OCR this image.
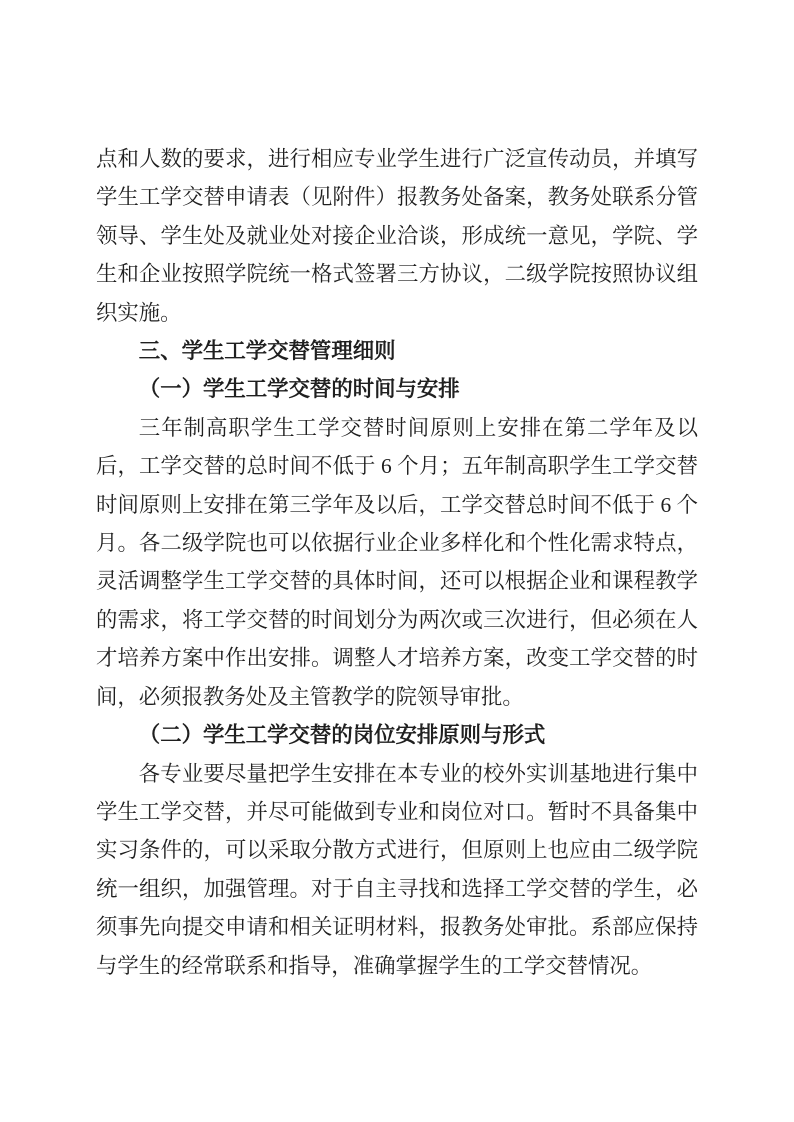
点和人数的要求，进行相应专业学生进行广泛宣传动员，并填写学生工学交替申请表（见附件）报教务处备案，教务处联系分管领导、学生处及就业处对接企业洽谈，形成统一意见，学院、学生和企业按照学院统一格式签署三方协议，二级学院按照协议组织实施。

三、学生工学交替管理细则

（一）学生工学交替的时间与安排

三年制高职学生工学交替时间原则上安排在第二学年及以后，工学交替的总时间不低于 6 个月；五年制高职学生工学交替时间原则上安排在第三学年及以后，工学交替总时间不低于 6 个月。各二级学院也可以依据行业企业多样化和个性化需求特点，灵活调整学生工学交替的具体时间，还可以根据企业和课程教学的需求，将工学交替的时间划分为两次或三次进行，但必须在人才培养方案中作出安排。调整人才培养方案，改变工学交替的时间，必须报教务处及主管教学的院领导审批。

（二）学生工学交替的岗位安排原则与形式

各专业要尽量把学生安排在本专业的校外实训基地进行集中学生工学交替，并尽可能做到专业和岗位对口。暂时不具备集中实习条件的，可以采取分散方式进行，但原则上也应由二级学院统一组织，加强管理。对于自主寻找和选择工学交替的学生，必须事先向提交申请和相关证明材料，报教务处审批。系部应保持与学生的经常联系和指导，准确掌握学生的工学交替情况。
